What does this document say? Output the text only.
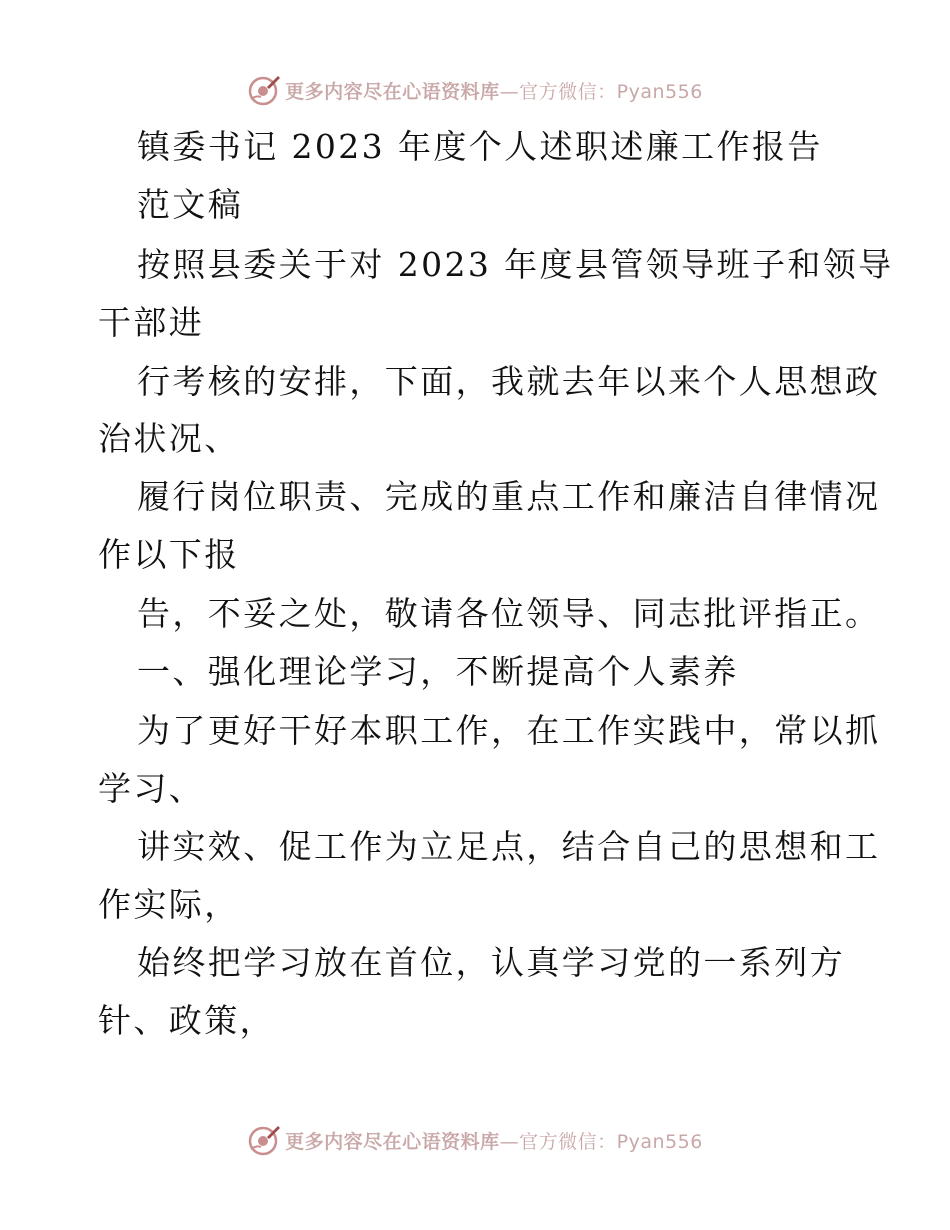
更多内容尽在心语资料库—官方微信：Pyan556
镇委书记 2023 年度个人述职述廉工作报告
范文稿
按照县委关于对 2023 年度县管领导班子和领导
干部进
行考核的安排，下面，我就去年以来个人思想政
治状况、
履行岗位职责、完成的重点工作和廉洁自律情况
作以下报
告，不妥之处，敬请各位领导、同志批评指正。
一、强化理论学习，不断提高个人素养
为了更好干好本职工作，在工作实践中，常以抓
学习、
讲实效、促工作为立足点，结合自己的思想和工
作实际，
始终把学习放在首位，认真学习党的一系列方
针、政策，
更多内容尽在心语资料库—官方微信：Pyan556
